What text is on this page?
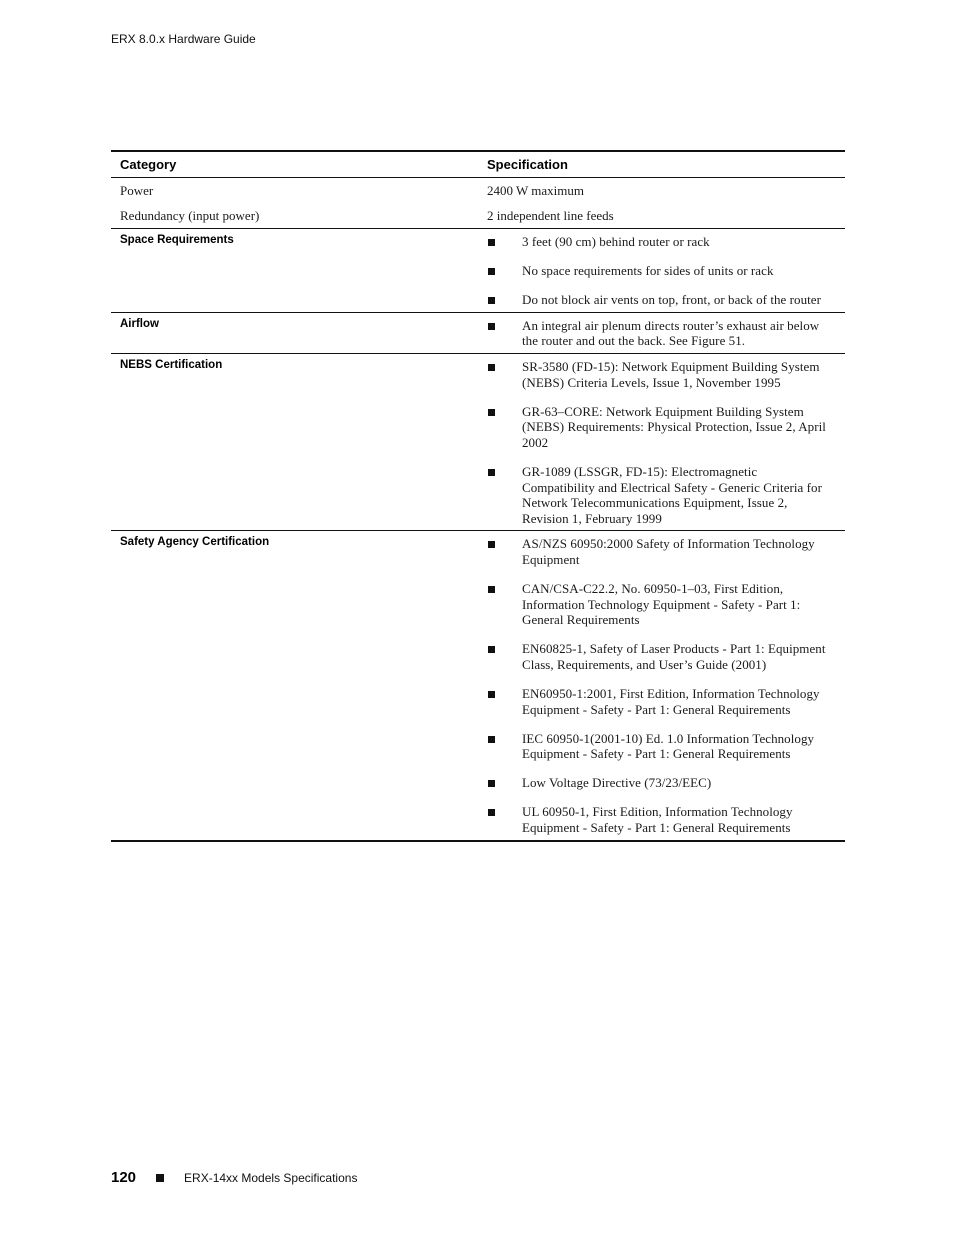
ERX 8.0.x Hardware Guide
Category	Specification
Power	2400 W maximum
Redundancy (input power)	2 independent line feeds
Space Requirements	3 feet (90 cm) behind router or rack
No space requirements for sides of units or rack
Do not block air vents on top, front, or back of the router
Airflow	An integral air plenum directs router’s exhaust air below the router and out the back. See Figure 51.
NEBS Certification	SR-3580 (FD-15): Network Equipment Building System (NEBS) Criteria Levels, Issue 1, November 1995
GR-63–CORE: Network Equipment Building System (NEBS) Requirements: Physical Protection, Issue 2, April 2002
GR-1089 (LSSGR, FD-15): Electromagnetic Compatibility and Electrical Safety - Generic Criteria for Network Telecommunications Equipment, Issue 2, Revision 1, February 1999
Safety Agency Certification	AS/NZS 60950:2000 Safety of Information Technology Equipment
CAN/CSA-C22.2, No. 60950-1–03, First Edition, Information Technology Equipment - Safety - Part 1: General Requirements
EN60825-1, Safety of Laser Products - Part 1: Equipment Class, Requirements, and User’s Guide (2001)
EN60950-1:2001, First Edition, Information Technology Equipment - Safety - Part 1: General Requirements
IEC 60950-1(2001-10) Ed. 1.0 Information Technology Equipment - Safety - Part 1: General Requirements
Low Voltage Directive (73/23/EEC)
UL 60950-1, First Edition, Information Technology Equipment - Safety - Part 1: General Requirements
120	ERX-14xx Models Specifications
